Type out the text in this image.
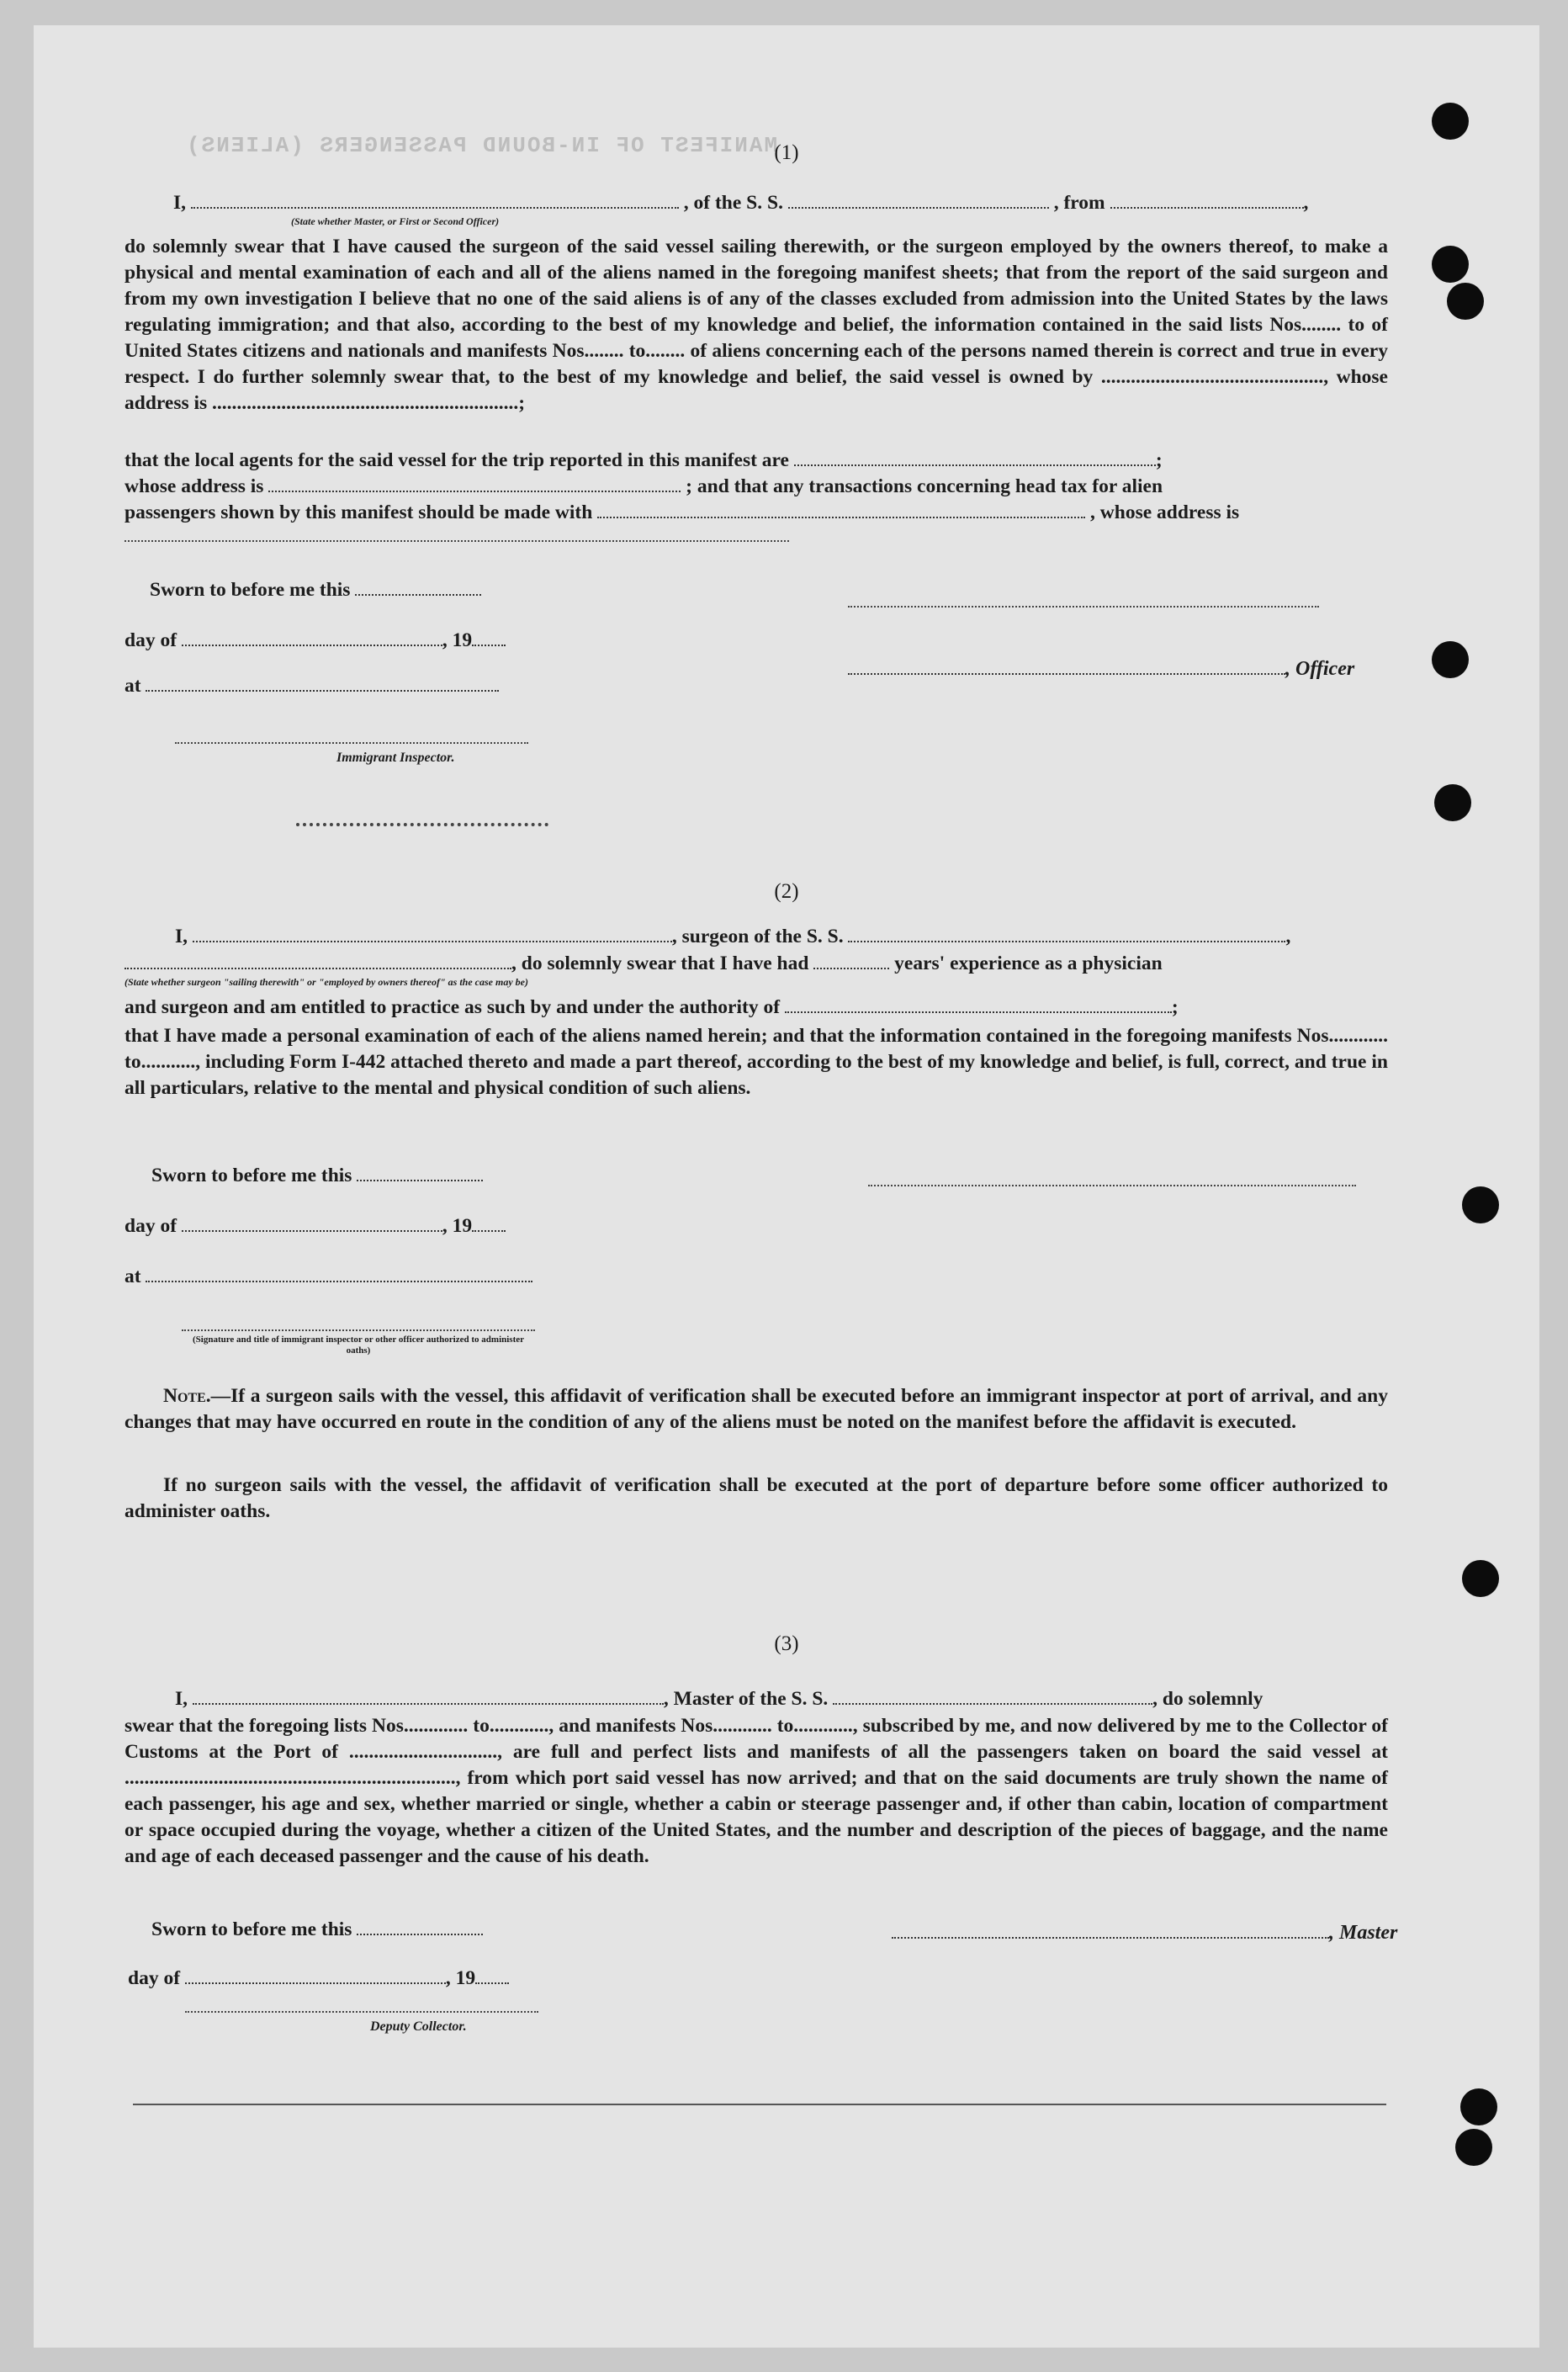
MANIFEST OF IN-BOUND PASSENGERS (ALIENS)
(1)
I,	, of the S. S.	, from	,
(State whether Master, or First or Second Officer)
do solemnly swear that I have caused the surgeon of the said vessel sailing therewith, or the surgeon employed by the owners thereof, to make a physical and mental examination of each and all of the aliens named in the foregoing manifest sheets; that from the report of the said surgeon and from my own investigation I believe that no one of the said aliens is of any of the classes excluded from admission into the United States by the laws regulating immigration; and that also, according to the best of my knowledge and belief, the information contained in the said lists Nos........ to of United States citizens and nationals and manifests Nos........ to........ of aliens concerning each of the persons named therein is correct and true in every respect. I do further solemnly swear that, to the best of my knowledge and belief, the said vessel is owned by ............................................., whose address is ..............................................................;
that the local agents for the said vessel for the trip reported in this manifest are	;
whose address is	; and that any transactions concerning head tax for alien
passengers shown by this manifest should be made with	, whose address is
Sworn to before me this
day of	, 19
, Officer
at
Immigrant Inspector.
(2)
I,	, surgeon of the S. S.	,
, do solemnly swear that I have had	years' experience as a physician
(State whether surgeon "sailing therewith" or "employed by owners thereof" as the case may be)
and surgeon and am entitled to practice as such by and under the authority of	;
that I have made a personal examination of each of the aliens named herein; and that the information contained in the foregoing manifests Nos............ to..........., including Form I-442 attached thereto and made a part thereof, according to the best of my knowledge and belief, is full, correct, and true in all particulars, relative to the mental and physical condition of such aliens.
Sworn to before me this
day of	, 19
at
(Signature and title of immigrant inspector or other officer authorized to administer oaths)
Note.—If a surgeon sails with the vessel, this affidavit of verification shall be executed before an immigrant inspector at port of arrival, and any changes that may have occurred en route in the condition of any of the aliens must be noted on the manifest before the affidavit is executed.
If no surgeon sails with the vessel, the affidavit of verification shall be executed at the port of departure before some officer authorized to administer oaths.
(3)
I,	, Master of the S. S.	, do solemnly
swear that the foregoing lists Nos............. to............, and manifests Nos............ to............, subscribed by me, and now delivered by me to the Collector of Customs at the Port of .............................., are full and perfect lists and manifests of all the passengers taken on board the said vessel at ..................................................................., from which port said vessel has now arrived; and that on the said documents are truly shown the name of each passenger, his age and sex, whether married or single, whether a cabin or steerage passenger and, if other than cabin, location of compartment or space occupied during the voyage, whether a citizen of the United States, and the number and description of the pieces of baggage, and the name and age of each deceased passenger and the cause of his death.
Sworn to before me this	, Master
day of	, 19
Deputy Collector.
